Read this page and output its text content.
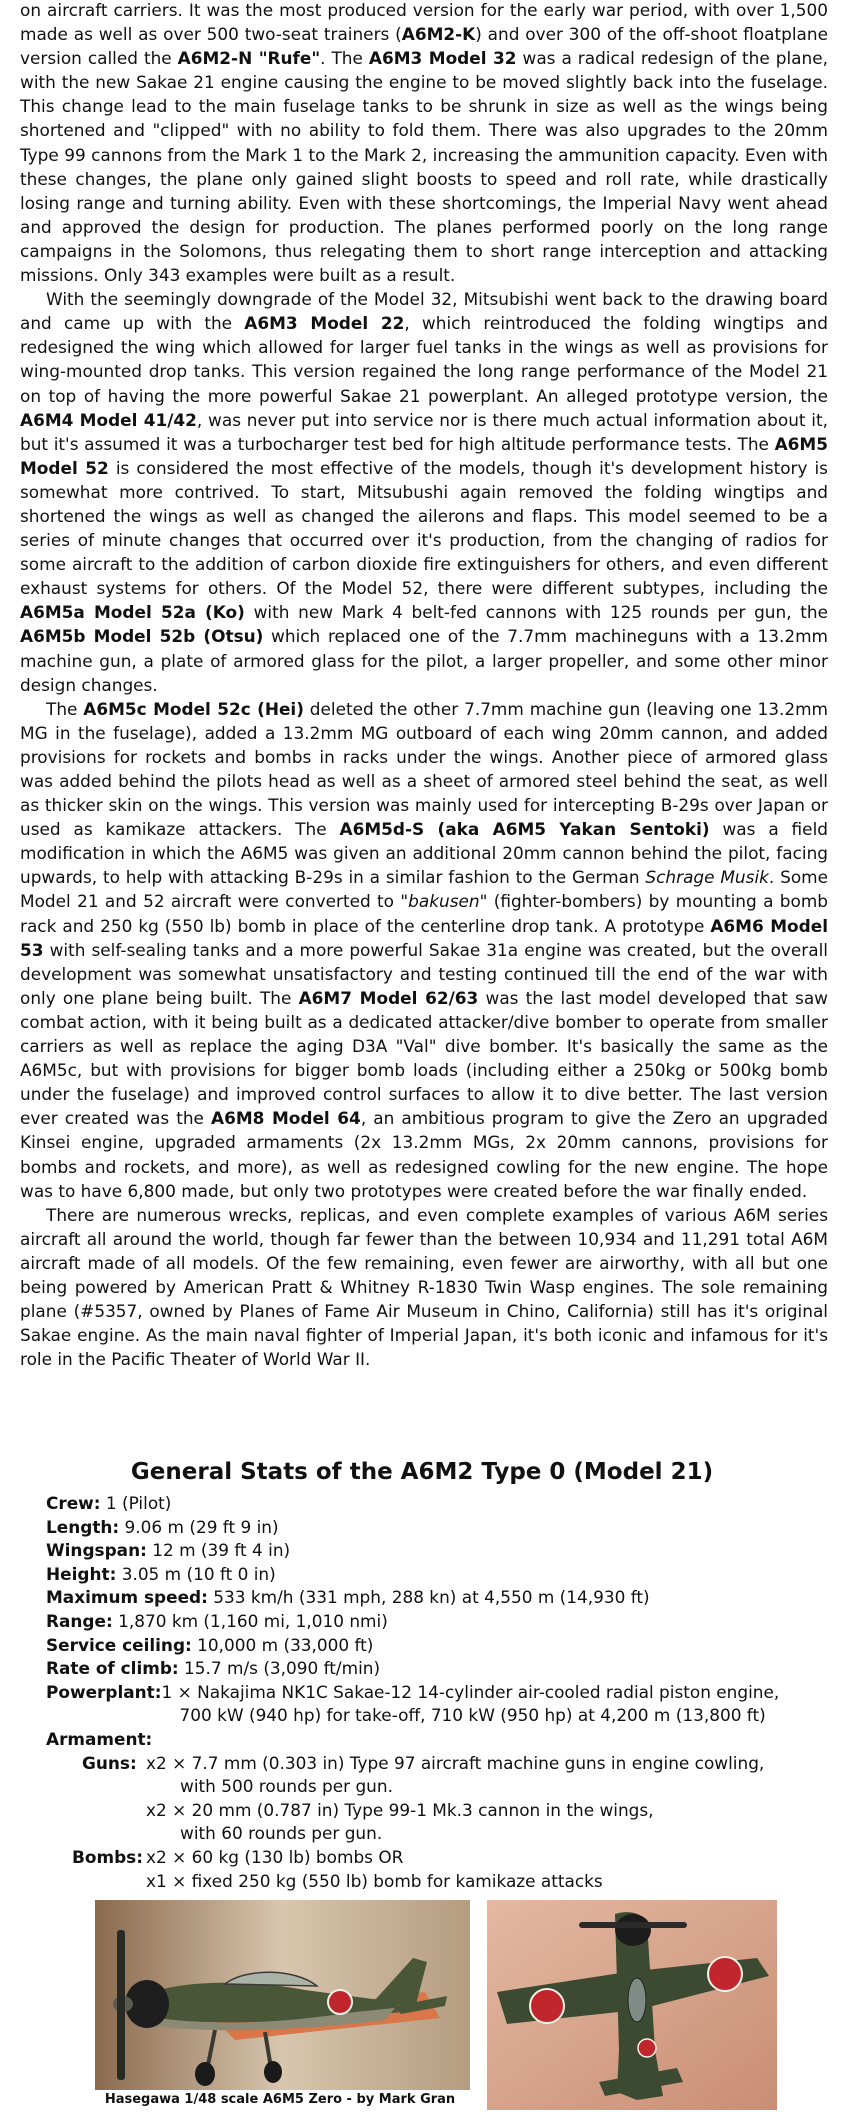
on aircraft carriers. It was the most produced version for the early war period, with over 1,500 made as well as over 500 two-seat trainers (A6M2-K) and over 300 of the off-shoot floatplane version called the A6M2-N "Rufe". The A6M3 Model 32 was a radical redesign of the plane, with the new Sakae 21 engine causing the engine to be moved slightly back into the fuselage. This change lead to the main fuselage tanks to be shrunk in size as well as the wings being shortened and "clipped" with no ability to fold them. There was also upgrades to the 20mm Type 99 cannons from the Mark 1 to the Mark 2, increasing the ammunition capacity. Even with these changes, the plane only gained slight boosts to speed and roll rate, while drastically losing range and turning ability. Even with these shortcomings, the Imperial Navy went ahead and approved the design for production. The planes performed poorly on the long range campaigns in the Solomons, thus relegating them to short range interception and attacking missions. Only 343 examples were built as a result.

With the seemingly downgrade of the Model 32, Mitsubishi went back to the drawing board and came up with the A6M3 Model 22, which reintroduced the folding wingtips and redesigned the wing which allowed for larger fuel tanks in the wings as well as provisions for wing-mounted drop tanks. This version regained the long range performance of the Model 21 on top of having the more powerful Sakae 21 powerplant. An alleged prototype version, the A6M4 Model 41/42, was never put into service nor is there much actual information about it, but it's assumed it was a turbocharger test bed for high altitude performance tests. The A6M5 Model 52 is considered the most effective of the models, though it's development history is somewhat more contrived. To start, Mitsubushi again removed the folding wingtips and shortened the wings as well as changed the ailerons and flaps. This model seemed to be a series of minute changes that occurred over it's production, from the changing of radios for some aircraft to the addition of carbon dioxide fire extinguishers for others, and even different exhaust systems for others. Of the Model 52, there were different subtypes, including the A6M5a Model 52a (Ko) with new Mark 4 belt-fed cannons with 125 rounds per gun, the A6M5b Model 52b (Otsu) which replaced one of the 7.7mm machineguns with a 13.2mm machine gun, a plate of armored glass for the pilot, a larger propeller, and some other minor design changes.

The A6M5c Model 52c (Hei) deleted the other 7.7mm machine gun (leaving one 13.2mm MG in the fuselage), added a 13.2mm MG outboard of each wing 20mm cannon, and added provisions for rockets and bombs in racks under the wings. Another piece of armored glass was added behind the pilots head as well as a sheet of armored steel behind the seat, as well as thicker skin on the wings. This version was mainly used for intercepting B-29s over Japan or used as kamikaze attackers. The A6M5d-S (aka A6M5 Yakan Sentoki) was a field modification in which the A6M5 was given an additional 20mm cannon behind the pilot, facing upwards, to help with attacking B-29s in a similar fashion to the German Schrage Musik. Some Model 21 and 52 aircraft were converted to "bakusen" (fighter-bombers) by mounting a bomb rack and 250 kg (550 lb) bomb in place of the centerline drop tank. A prototype A6M6 Model 53 with self-sealing tanks and a more powerful Sakae 31a engine was created, but the overall development was somewhat unsatisfactory and testing continued till the end of the war with only one plane being built. The A6M7 Model 62/63 was the last model developed that saw combat action, with it being built as a dedicated attacker/dive bomber to operate from smaller carriers as well as replace the aging D3A "Val" dive bomber. It's basically the same as the A6M5c, but with provisions for bigger bomb loads (including either a 250kg or 500kg bomb under the fuselage) and improved control surfaces to allow it to dive better. The last version ever created was the A6M8 Model 64, an ambitious program to give the Zero an upgraded Kinsei engine, upgraded armaments (2x 13.2mm MGs, 2x 20mm cannons, provisions for bombs and rockets, and more), as well as redesigned cowling for the new engine. The hope was to have 6,800 made, but only two prototypes were created before the war finally ended.

There are numerous wrecks, replicas, and even complete examples of various A6M series aircraft all around the world, though far fewer than the between 10,934 and 11,291 total A6M aircraft made of all models. Of the few remaining, even fewer are airworthy, with all but one being powered by American Pratt & Whitney R-1830 Twin Wasp engines. The sole remaining plane (#5357, owned by Planes of Fame Air Museum in Chino, California) still has it's original Sakae engine. As the main naval fighter of Imperial Japan, it's both iconic and infamous for it's role in the Pacific Theater of World War II.

General Stats of the A6M2 Type 0 (Model 21)
Crew: 1 (Pilot)
Length: 9.06 m (29 ft 9 in)
Wingspan: 12 m (39 ft 4 in)
Height: 3.05 m (10 ft 0 in)
Maximum speed: 533 km/h (331 mph, 288 kn) at 4,550 m (14,930 ft)
Range: 1,870 km (1,160 mi, 1,010 nmi)
Service ceiling: 10,000 m (33,000 ft)
Rate of climb: 15.7 m/s (3,090 ft/min)
Powerplant:1 × Nakajima NK1C Sakae-12 14-cylinder air-cooled radial piston engine,
700 kW (940 hp) for take-off, 710 kW (950 hp) at 4,200 m (13,800 ft)
Armament:
Guns: x2 × 7.7 mm (0.303 in) Type 97 aircraft machine guns in engine cowling,
with 500 rounds per gun.
x2 × 20 mm (0.787 in) Type 99-1 Mk.3 cannon in the wings,
with 60 rounds per gun.
Bombs: x2 × 60 kg (130 lb) bombs OR
x1 × fixed 250 kg (550 lb) bomb for kamikaze attacks
Hasegawa 1/48 scale A6M5 Zero - by Mark Gran
